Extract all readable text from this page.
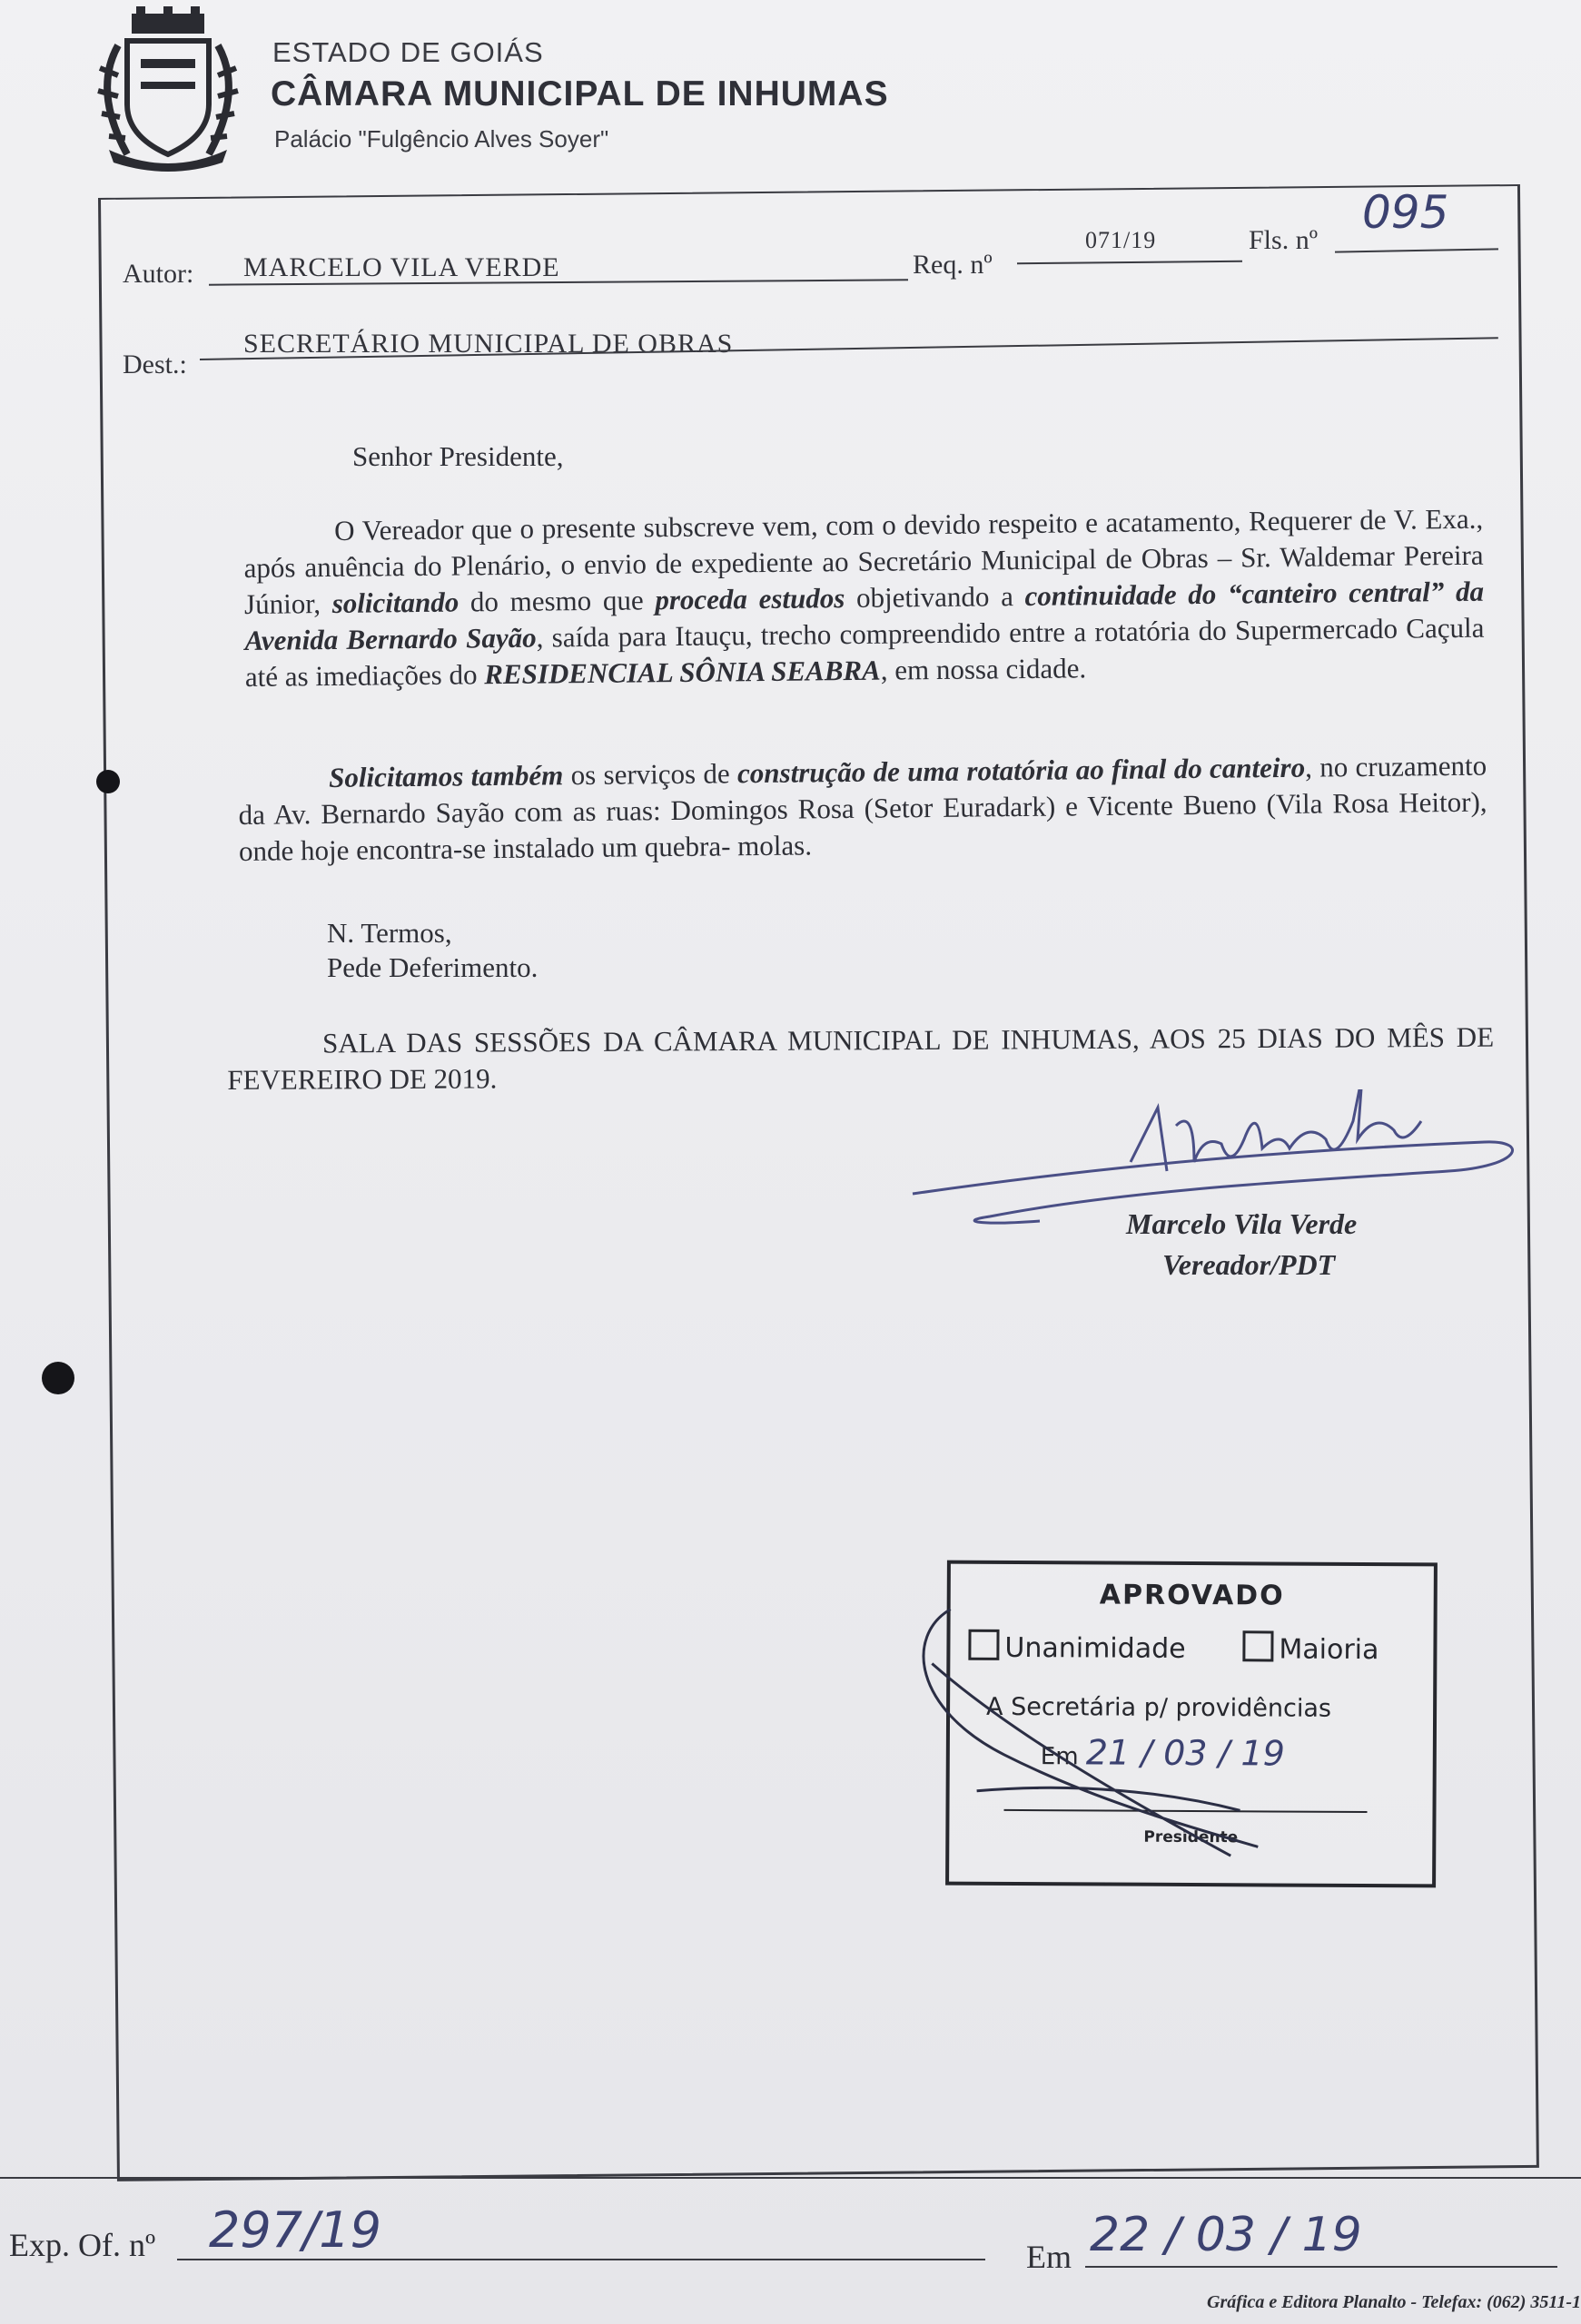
ESTADO DE GOIÁS
CÂMARA MUNICIPAL DE INHUMAS
Palácio "Fulgêncio Alves Soyer"
Autor: MARCELO VILA VERDE	Req. nº
071/19	Fls. nº
095
Dest.:
SECRETÁRIO MUNICIPAL DE OBRAS
Senhor Presidente,
O Vereador que o presente subscreve vem, com o devido respeito e acatamento, Requerer de V. Exa., após anuência do Plenário, o envio de expediente ao Secretário Municipal de Obras – Sr. Waldemar Pereira Júnior, solicitando do mesmo que proceda estudos objetivando a continuidade do “canteiro central” da Avenida Bernardo Sayão, saída para Itauçu, trecho compreendido entre a rotatória do Supermercado Caçula até as imediações do RESIDENCIAL SÔNIA SEABRA, em nossa cidade.
Solicitamos também os serviços de construção de uma rotatória ao final do canteiro, no cruzamento da Av. Bernardo Sayão com as ruas: Domingos Rosa (Setor Euradark) e Vicente Bueno (Vila Rosa Heitor), onde hoje encontra-se instalado um quebra- molas.
N. Termos,
Pede Deferimento.
SALA DAS SESSÕES DA CÂMARA MUNICIPAL DE INHUMAS, AOS 25 DIAS DO MÊS DE FEVEREIRO DE 2019.
Marcelo Vila Verde
Vereador/PDT
APROVADO
Unanimidade	Maioria
A Secretária p/ providências
Em 21 / 03 / 19
Presidente
Exp. Of. nº 297/19	Em 22 / 03 / 19
Gráfica e Editora Planalto - Telefax: (062) 3511-1
